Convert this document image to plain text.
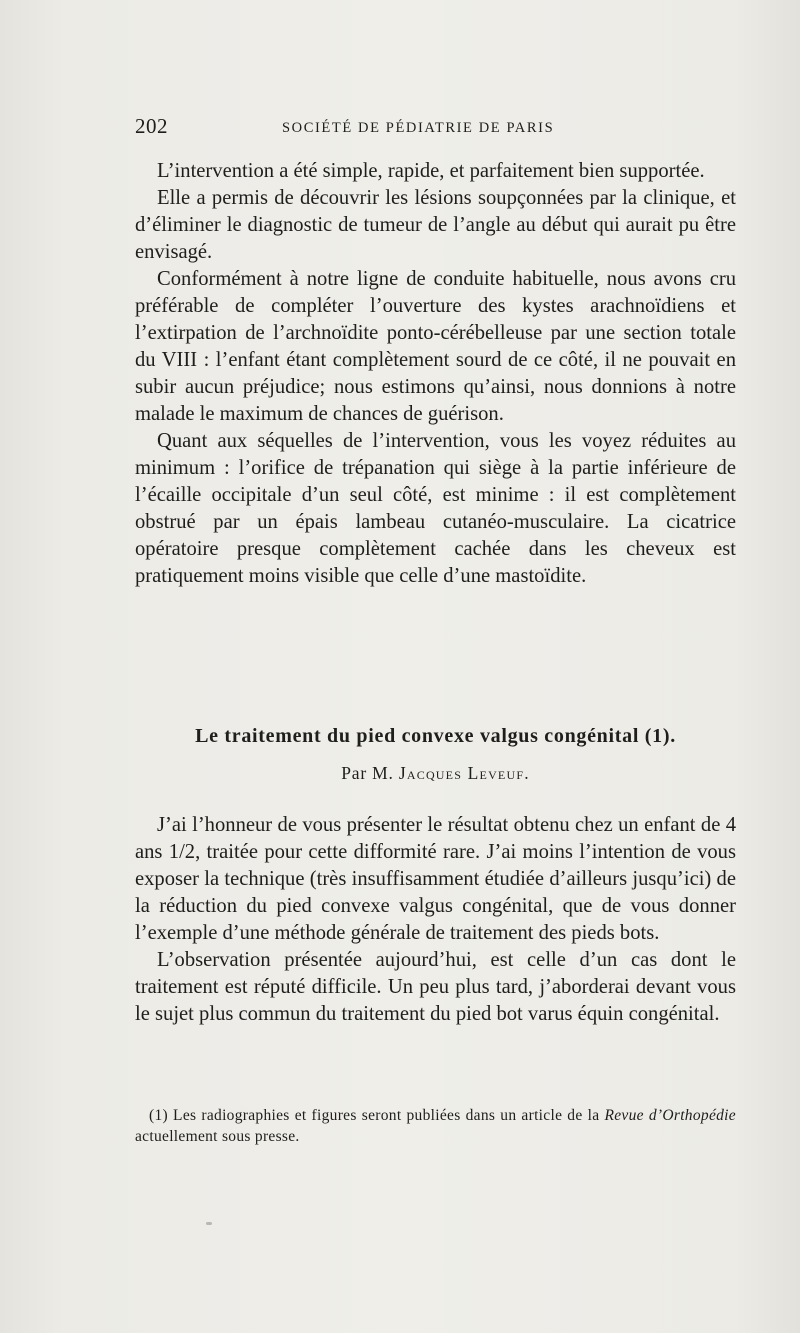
202	SOCIÉTÉ DE PÉDIATRIE DE PARIS

L’intervention a été simple, rapide, et parfaitement bien supportée.

Elle a permis de découvrir les lésions soupçonnées par la clinique, et d’éliminer le diagnostic de tumeur de l’angle au début qui aurait pu être envisagé.

Conformément à notre ligne de conduite habituelle, nous avons cru préférable de compléter l’ouverture des kystes arachnoïdiens et l’extirpation de l’archnoïdite ponto-cérébelleuse par une section totale du VIII : l’enfant étant complètement sourd de ce côté, il ne pouvait en subir aucun préjudice; nous estimons qu’ainsi, nous donnions à notre malade le maximum de chances de guérison.

Quant aux séquelles de l’intervention, vous les voyez réduites au minimum : l’orifice de trépanation qui siège à la partie inférieure de l’écaille occipitale d’un seul côté, est minime : il est complètement obstrué par un épais lambeau cutanéo-musculaire. La cicatrice opératoire presque complètement cachée dans les cheveux est pratiquement moins visible que celle d’une mastoïdite.

Le traitement du pied convexe valgus congénital (1).
Par M. Jacques Leveuf.

J’ai l’honneur de vous présenter le résultat obtenu chez un enfant de 4 ans 1/2, traitée pour cette difformité rare. J’ai moins l’intention de vous exposer la technique (très insuffisamment étudiée d’ailleurs jusqu’ici) de la réduction du pied convexe valgus congénital, que de vous donner l’exemple d’une méthode générale de traitement des pieds bots.

L’observation présentée aujourd’hui, est celle d’un cas dont le traitement est réputé difficile. Un peu plus tard, j’aborderai devant vous le sujet plus commun du traitement du pied bot varus équin congénital.

(1) Les radiographies et figures seront publiées dans un article de la Revue d’Orthopédie actuellement sous presse.
